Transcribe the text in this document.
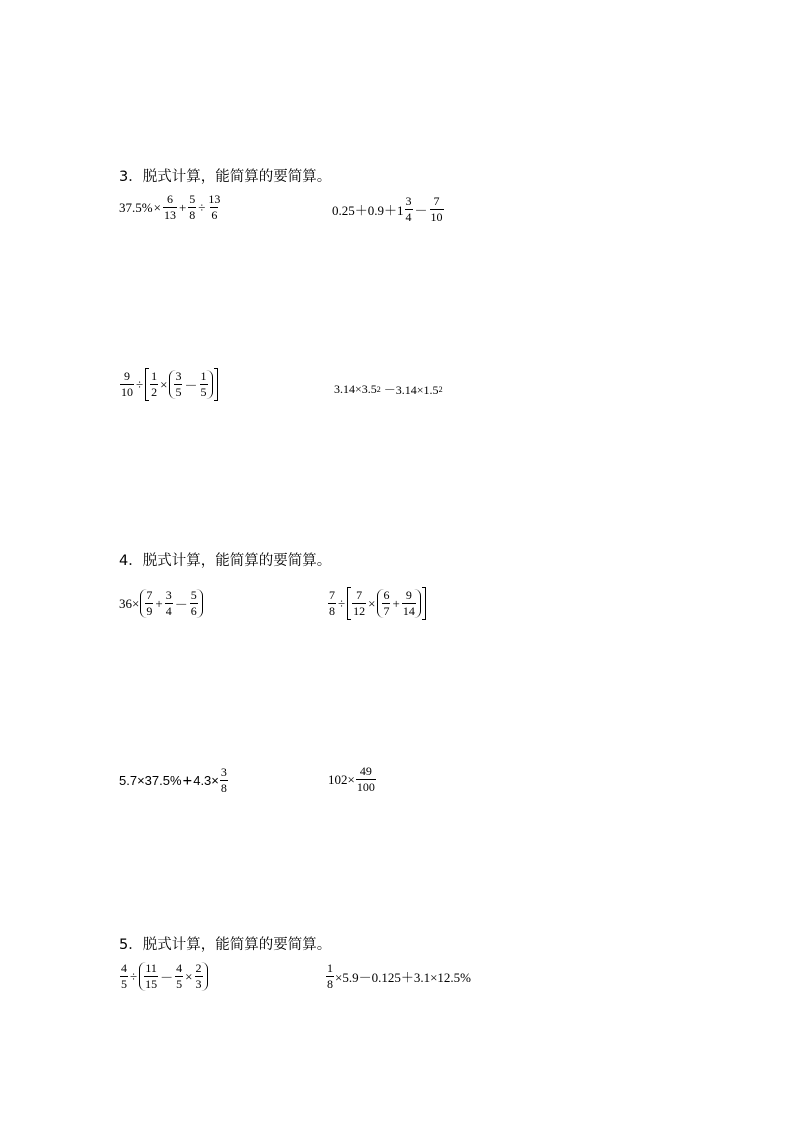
3．脱式计算，能简算的要简算。
$37.5\% \times \frac{6}{13} + \frac{5}{8} \div \frac{13}{6}$	$0.25+0.9+1 \frac{3}{4} - \frac{7}{10}$
$\frac{9}{10} \div \frac{1}{2} \times \frac{3}{5} - \frac{1}{5}$	3.14×3.5 2 －3.14×1.5 2
4．脱式计算，能简算的要简算。
$36\times \frac{7}{9} + \frac{3}{4} - \frac{5}{6}$	$\frac{7}{8} \div \frac{7}{12} \times \frac{6}{7} + \frac{9}{14}$
$5.7\times 37.5\% + 4.3\times \frac{3}{8}$	$102\times \frac{49}{100}$
5．脱式计算，能简算的要简算。
$\frac{4}{5} \div \frac{11}{15} - \frac{4}{5} \times \frac{2}{3}$	$\frac{1}{8} \times 5.9-0.125+3.1\times 12.5\%$
